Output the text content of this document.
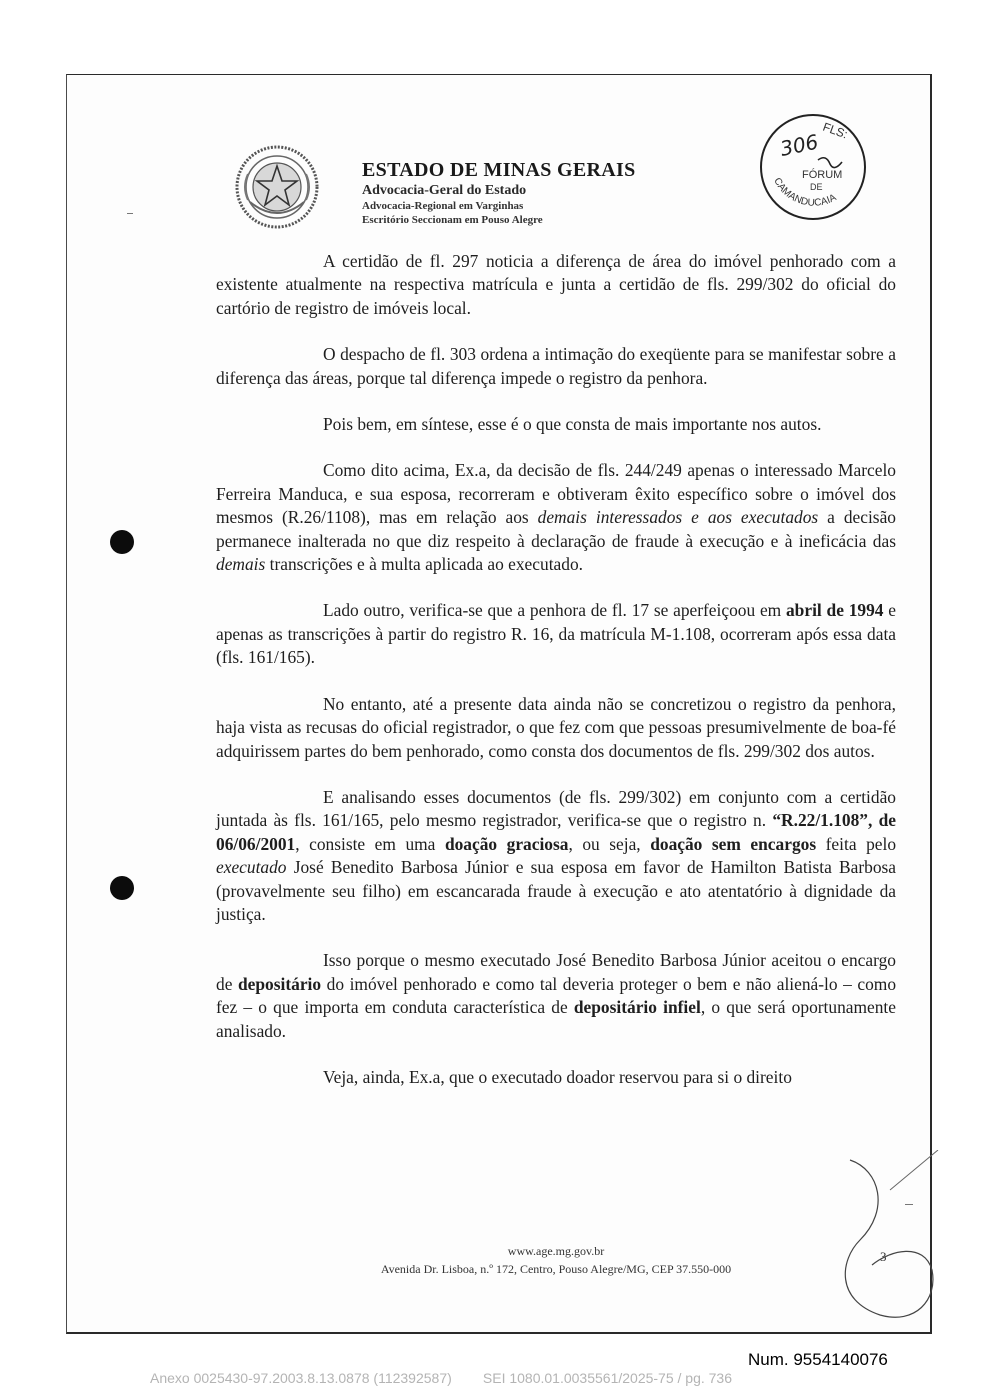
ESTADO DE MINAS GERAIS
Advocacia-Geral do Estado
Advocacia-Regional em Varginhas
Escritório Seccionam em Pouso Alegre
FLS:
306
FÓRUM
DE
CAMANDUCAIA

A certidão de fl. 297 noticia a diferença de área do imóvel penhorado com a existente atualmente na respectiva matrícula e junta a certidão de fls. 299/302 do oficial do cartório de registro de imóveis local.

O despacho de fl. 303 ordena a intimação do exeqüente para se manifestar sobre a diferença das áreas, porque tal diferença impede o registro da penhora.

Pois bem, em síntese, esse é o que consta de mais importante nos autos.

Como dito acima, Ex.a, da decisão de fls. 244/249 apenas o interessado Marcelo Ferreira Manduca, e sua esposa, recorreram e obtiveram êxito específico sobre o imóvel dos mesmos (R.26/1108), mas em relação aos demais interessados e aos executados a decisão permanece inalterada no que diz respeito à declaração de fraude à execução e à ineficácia das demais transcrições e à multa aplicada ao executado.

Lado outro, verifica-se que a penhora de fl. 17 se aperfeiçoou em abril de 1994 e apenas as transcrições à partir do registro R. 16, da matrícula M-1.108, ocorreram após essa data (fls. 161/165).

No entanto, até a presente data ainda não se concretizou o registro da penhora, haja vista as recusas do oficial registrador, o que fez com que pessoas presumivelmente de boa-fé adquirissem partes do bem penhorado, como consta dos documentos de fls. 299/302 dos autos.

E analisando esses documentos (de fls. 299/302) em conjunto com a certidão juntada às fls. 161/165, pelo mesmo registrador, verifica-se que o registro n. “R.22/1.108”, de 06/06/2001, consiste em uma doação graciosa, ou seja, doação sem encargos feita pelo executado José Benedito Barbosa Júnior e sua esposa em favor de Hamilton Batista Barbosa (provavelmente seu filho) em escancarada fraude à execução e ato atentatório à dignidade da justiça.

Isso porque o mesmo executado José Benedito Barbosa Júnior aceitou o encargo de depositário do imóvel penhorado e como tal deveria proteger o bem e não aliená-lo – como fez – o que importa em conduta característica de depositário infiel, o que será oportunamente analisado.

Veja, ainda, Ex.a, que o executado doador reservou para si o direito

www.age.mg.gov.br
Avenida Dr. Lisboa, n.º 172, Centro, Pouso Alegre/MG, CEP 37.550-000
3
Num. 9554140076
Anexo 0025430-97.2003.8.13.0878 (112392587)        SEI 1080.01.0035561/2025-75 / pg. 736
